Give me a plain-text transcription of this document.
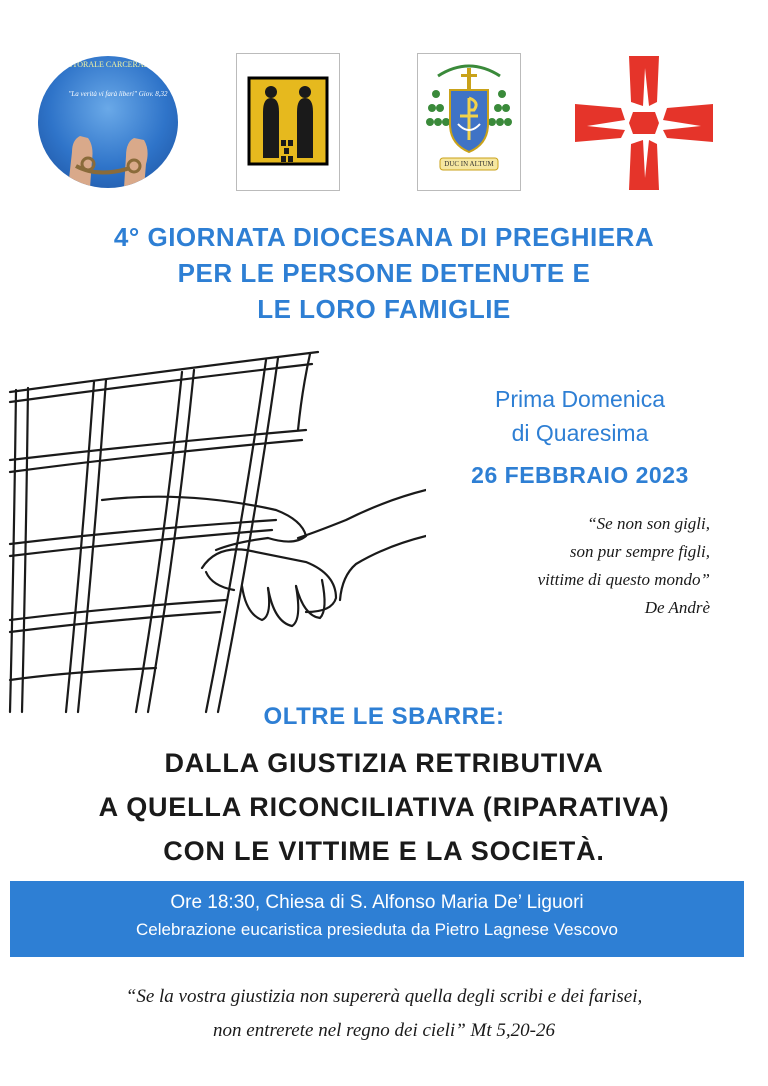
PASTORALE CARCERARIA
"La verità vi farà liberi" Giov. 8,32
DUC IN ALTUM
4° GIORNATA DIOCESANA DI PREGHIERA
PER LE PERSONE DETENUTE E
LE LORO FAMIGLIE
Prima Domenica
di Quaresima
26 FEBBRAIO 2023
“Se non son gigli,
son pur sempre figli,
vittime di questo mondo”
De Andrè
OLTRE LE SBARRE:
DALLA GIUSTIZIA RETRIBUTIVA
A QUELLA RICONCILIATIVA (RIPARATIVA)
CON LE VITTIME E LA SOCIETÀ.
Ore 18:30, Chiesa di S. Alfonso Maria De’ Liguori
Celebrazione eucaristica presieduta da Pietro Lagnese Vescovo
“Se la vostra giustizia non supererà quella degli scribi e dei farisei,
non entrerete nel regno dei cieli” Mt 5,20-26
